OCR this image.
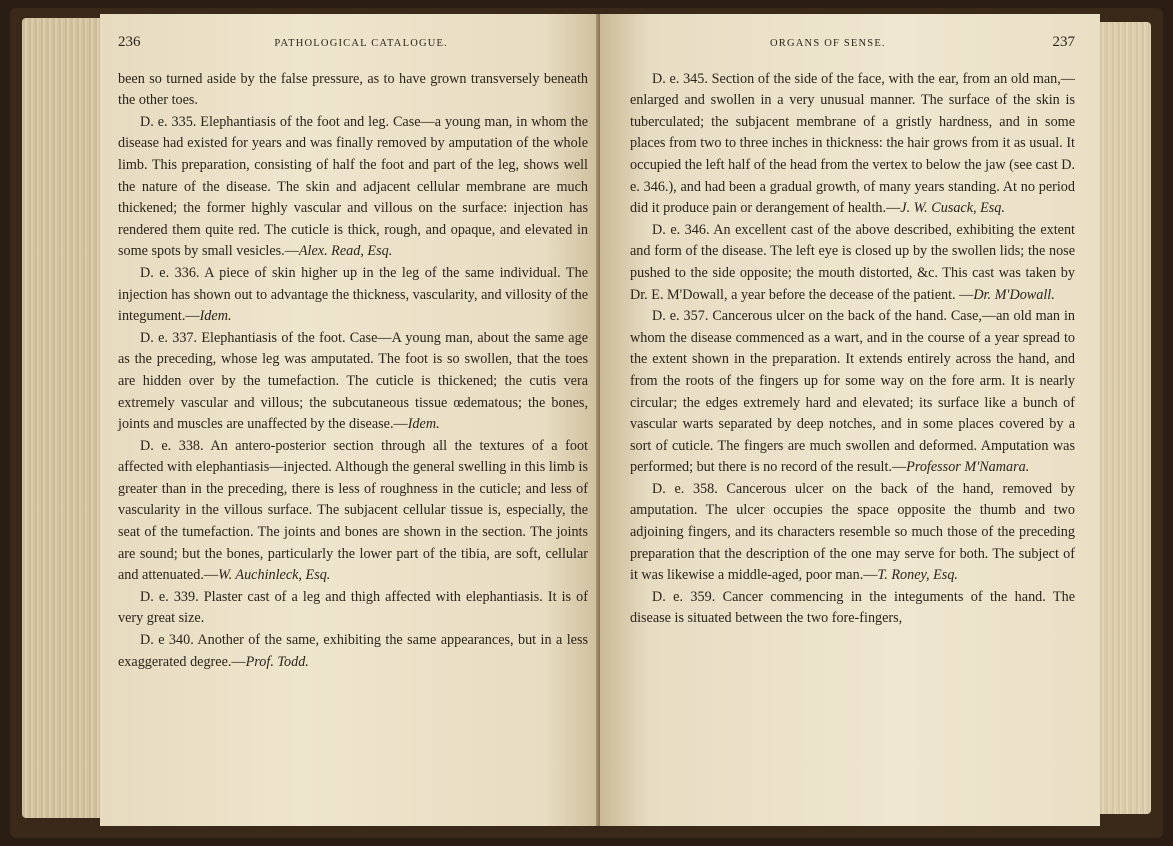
236	PATHOLOGICAL CATALOGUE.

been so turned aside by the false pressure, as to have grown transversely beneath the other toes.

D. e. 335. Elephantiasis of the foot and leg. Case—a young man, in whom the disease had existed for years and was finally removed by amputation of the whole limb. This preparation, consisting of half the foot and part of the leg, shows well the nature of the disease. The skin and adjacent cellular membrane are much thickened; the former highly vascular and villous on the surface: injection has rendered them quite red. The cuticle is thick, rough, and opaque, and elevated in some spots by small vesicles.—Alex. Read, Esq.

D. e. 336. A piece of skin higher up in the leg of the same individual. The injection has shown out to advantage the thickness, vascularity, and villosity of the integument.—Idem.

D. e. 337. Elephantiasis of the foot. Case—A young man, about the same age as the preceding, whose leg was amputated. The foot is so swollen, that the toes are hidden over by the tumefaction. The cuticle is thickened; the cutis vera extremely vascular and villous; the subcutaneous tissue œdematous; the bones, joints and muscles are unaffected by the disease.—Idem.

D. e. 338. An antero-posterior section through all the textures of a foot affected with elephantiasis—injected. Although the general swelling in this limb is greater than in the preceding, there is less of roughness in the cuticle; and less of vascularity in the villous surface. The subjacent cellular tissue is, especially, the seat of the tumefaction. The joints and bones are shown in the section. The joints are sound; but the bones, particularly the lower part of the tibia, are soft, cellular and attenuated.—W. Auchinleck, Esq.

D. e. 339. Plaster cast of a leg and thigh affected with elephantiasis. It is of very great size.

D. e 340. Another of the same, exhibiting the same appearances, but in a less exaggerated degree.—Prof. Todd.

ORGANS OF SENSE.	237

D. e. 345. Section of the side of the face, with the ear, from an old man,—enlarged and swollen in a very unusual manner. The surface of the skin is tuberculated; the subjacent membrane of a gristly hardness, and in some places from two to three inches in thickness: the hair grows from it as usual. It occupied the left half of the head from the vertex to below the jaw (see cast D. e. 346.), and had been a gradual growth, of many years standing. At no period did it produce pain or derangement of health.—J. W. Cusack, Esq.

D. e. 346. An excellent cast of the above described, exhibiting the extent and form of the disease. The left eye is closed up by the swollen lids; the nose pushed to the side opposite; the mouth distorted, &c. This cast was taken by Dr. E. M'Dowall, a year before the decease of the patient. —Dr. M'Dowall.

D. e. 357. Cancerous ulcer on the back of the hand. Case,—an old man in whom the disease commenced as a wart, and in the course of a year spread to the extent shown in the preparation. It extends entirely across the hand, and from the roots of the fingers up for some way on the fore arm. It is nearly circular; the edges extremely hard and elevated; its surface like a bunch of vascular warts separated by deep notches, and in some places covered by a sort of cuticle. The fingers are much swollen and deformed. Amputation was performed; but there is no record of the result.—Professor M'Namara.

D. e. 358. Cancerous ulcer on the back of the hand, removed by amputation. The ulcer occupies the space opposite the thumb and two adjoining fingers, and its characters resemble so much those of the preceding preparation that the description of the one may serve for both. The subject of it was likewise a middle-aged, poor man.—T. Roney, Esq.

D. e. 359. Cancer commencing in the integuments of the hand. The disease is situated between the two fore-fingers,
